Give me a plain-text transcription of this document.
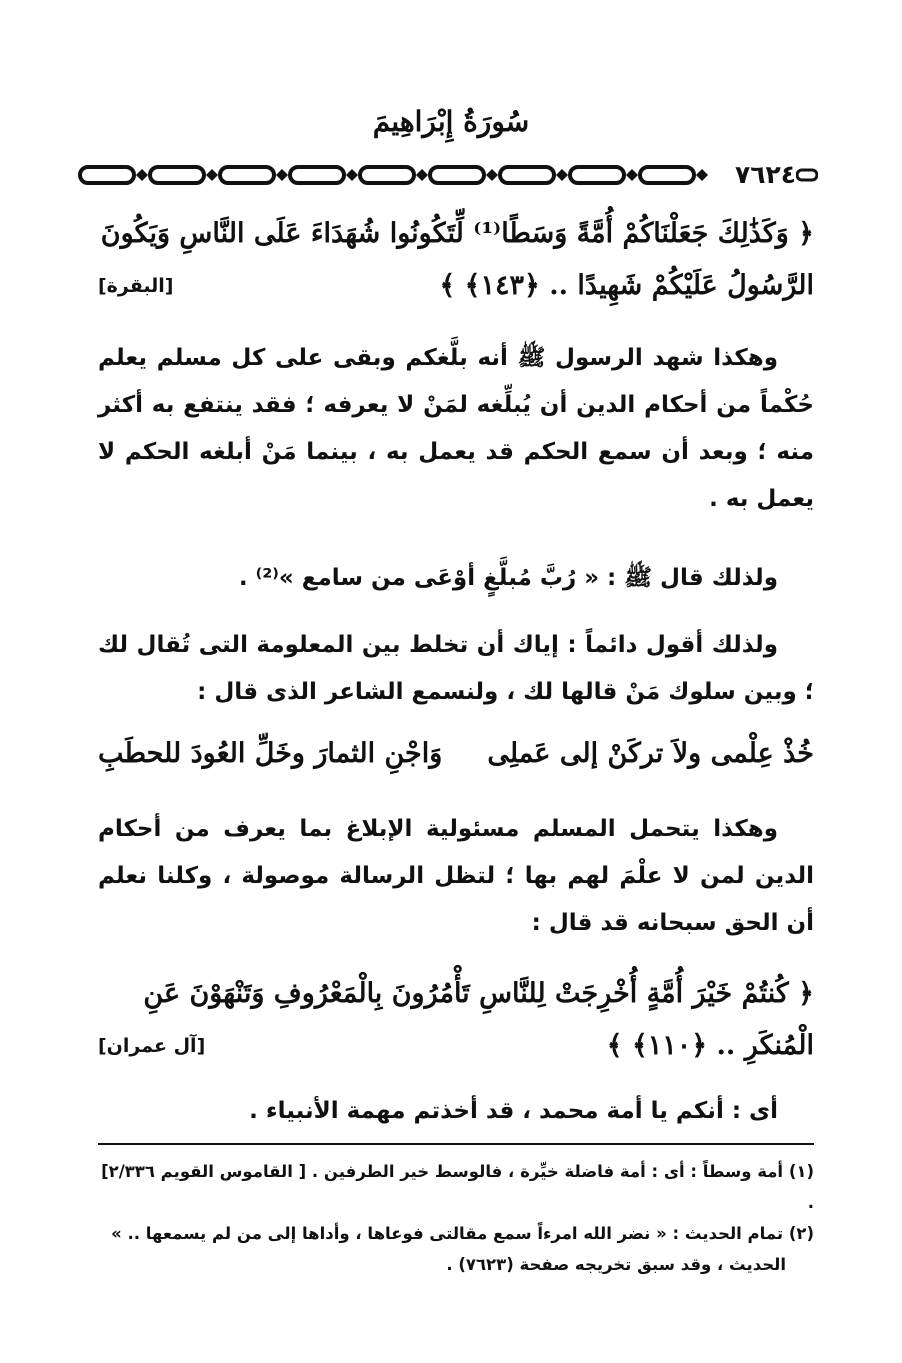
سُورَةُ إِبْرَاهِيمَ
٧٦٢٤
﴿ وَكَذَٰلِكَ جَعَلْنَاكُمْ أُمَّةً وَسَطًا⁽¹⁾ لِّتَكُونُوا شُهَدَاءَ عَلَى النَّاسِ وَيَكُونَ
الرَّسُولُ عَلَيْكُمْ شَهِيدًا .. ﴿١٤٣﴾ ﴾
[البقرة]
وهكذا شهد الرسول ﷺ أنه بلَّغكم وبقى على كل مسلم يعلم حُكْماً من أحكام الدين أن يُبلِّغه لمَنْ لا يعرفه ؛ فقد ينتفع به أكثر منه ؛ وبعد أن سمع الحكم قد يعمل به ، بينما مَنْ أبلغه الحكم لا يعمل به .
ولذلك قال ﷺ : « رُبَّ مُبلَّغٍ أوْعَى من سامع »⁽²⁾ .
ولذلك أقول دائماً : إياك أن تخلط بين المعلومة التى تُقال لك ؛ وبين سلوك مَنْ قالها لك ، ولنسمع الشاعر الذى قال :
خُذْ عِلْمى ولاَ تركَنْ إلى عَملِى
وَاجْنِ الثمارَ وخَلِّ العُودَ للحطَبِ
وهكذا يتحمل المسلم مسئولية الإبلاغ بما يعرف من أحكام الدين لمن لا علْمَ لهم بها ؛ لتظل الرسالة موصولة ، وكلنا نعلم أن الحق سبحانه قد قال :
﴿ كُنتُمْ خَيْرَ أُمَّةٍ أُخْرِجَتْ لِلنَّاسِ تَأْمُرُونَ بِالْمَعْرُوفِ وَتَنْهَوْنَ عَنِ
الْمُنكَرِ .. ﴿١١٠﴾ ﴾
[آل عمران]
أى : أنكم يا أمة محمد ، قد أخذتم مهمة الأنبياء .
(١) أمة وسطاً : أى : أمة فاضلة خيِّرة ، فالوسط خير الطرفين . [ القاموس القويم ٢/٣٣٦] .
(٢) تمام الحديث : « نضر الله امرءاً سمع مقالتى فوعاها ، وأداها إلى من لم يسمعها .. »
الحديث ، وقد سبق تخريجه صفحة (٧٦٢٣) .
